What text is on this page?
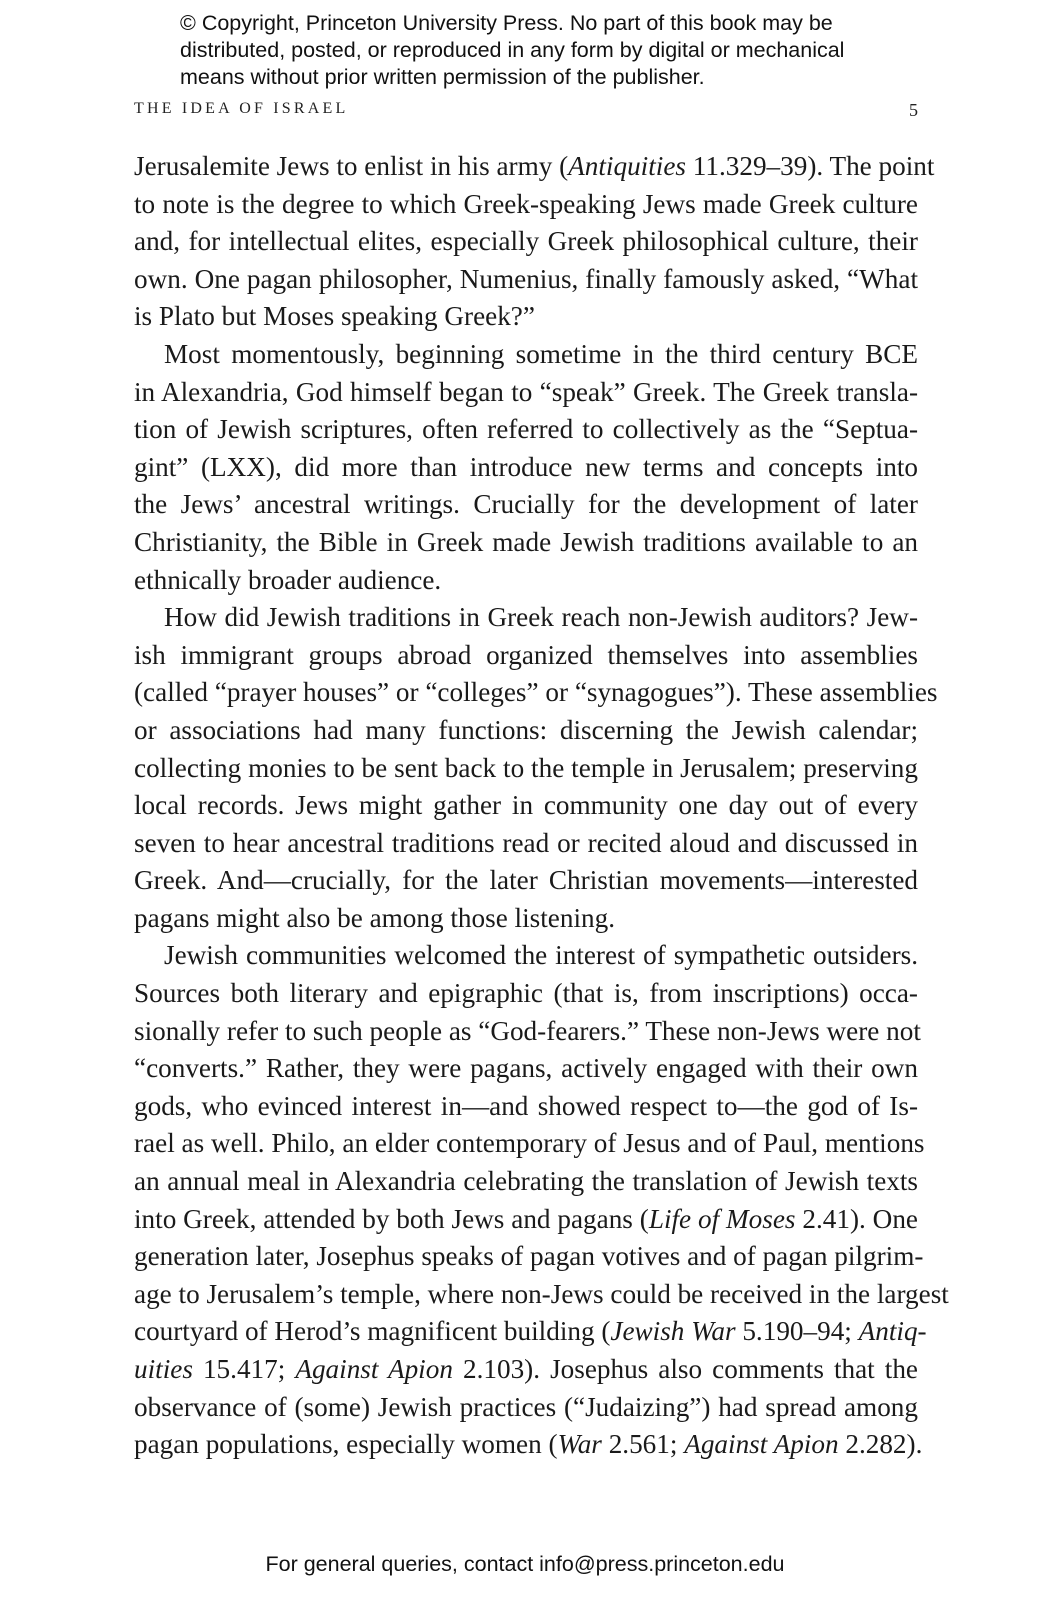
© Copyright, Princeton University Press. No part of this book may be
distributed, posted, or reproduced in any form by digital or mechanical
means without prior written permission of the publisher.
THE IDEA OF ISRAEL	5
Jerusalemite Jews to enlist in his army (Antiquities 11.329–39). The point
to note is the degree to which Greek-speaking Jews made Greek culture
and, for intellectual elites, especially Greek philosophical culture, their
own. One pagan philosopher, Numenius, finally famously asked, “What
is Plato but Moses speaking Greek?”
Most momentously, beginning sometime in the third century BCE
in Alexandria, God himself began to “speak” Greek. The Greek transla-
tion of Jewish scriptures, often referred to collectively as the “Septua-
gint” (LXX), did more than introduce new terms and concepts into
the Jews’ ancestral writings. Crucially for the development of later
Christianity, the Bible in Greek made Jewish traditions available to an
ethnically broader audience.
How did Jewish traditions in Greek reach non-Jewish auditors? Jew-
ish immigrant groups abroad organized themselves into assemblies
(called “prayer houses” or “colleges” or “synagogues”). These assemblies
or associations had many functions: discerning the Jewish calendar;
collecting monies to be sent back to the temple in Jerusalem; preserving
local records. Jews might gather in community one day out of every
seven to hear ancestral traditions read or recited aloud and discussed in
Greek. And—crucially, for the later Christian movements—interested
pagans might also be among those listening.
Jewish communities welcomed the interest of sympathetic outsiders.
Sources both literary and epigraphic (that is, from inscriptions) occa-
sionally refer to such people as “God-fearers.” These non-Jews were not
“converts.” Rather, they were pagans, actively engaged with their own
gods, who evinced interest in—and showed respect to—the god of Is-
rael as well. Philo, an elder contemporary of Jesus and of Paul, mentions
an annual meal in Alexandria celebrating the translation of Jewish texts
into Greek, attended by both Jews and pagans (Life of Moses 2.41). One
generation later, Josephus speaks of pagan votives and of pagan pilgrim-
age to Jerusalem’s temple, where non-Jews could be received in the largest
courtyard of Herod’s magnificent building (Jewish War 5.190–94; Antiq-
uities 15.417; Against Apion 2.103). Josephus also comments that the
observance of (some) Jewish practices (“Judaizing”) had spread among
pagan populations, especially women (War 2.561; Against Apion 2.282).
For general queries, contact info@press.princeton.edu
